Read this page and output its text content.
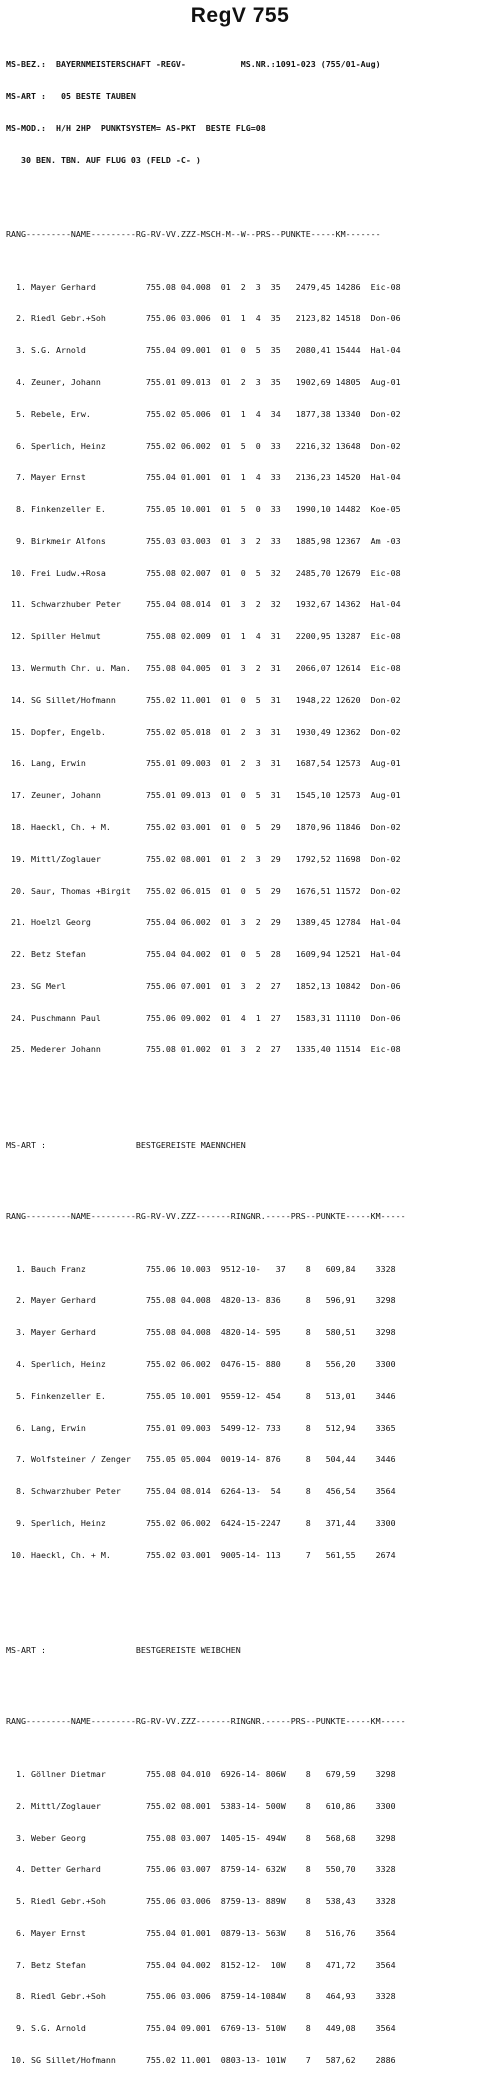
RegV 755

MS-BEZ.:  BAYERNMEISTERSCHAFT -REGV-           MS.NR.:1091-023 (755/01-Aug)

MS-ART :   05 BESTE TAUBEN

MS-MOD.:  H/H 2HP  PUNKTSYSTEM= AS-PKT  BESTE FLG=08

30 BEN. TBN. AUF FLUG 03 (FELD -C- )

RANG---------NAME---------RG-RV-VV.ZZZ-MSCH-M--W--PRS--PUNKTE-----KM-------

1. Mayer Gerhard          755.08 04.008  01  2  3  35   2479,45 14286  Eic-08

2. Riedl Gebr.+Soh        755.06 03.006  01  1  4  35   2123,82 14518  Don-06

3. S.G. Arnold            755.04 09.001  01  0  5  35   2080,41 15444  Hal-04

4. Zeuner, Johann         755.01 09.013  01  2  3  35   1902,69 14805  Aug-01

5. Rebele, Erw.           755.02 05.006  01  1  4  34   1877,38 13340  Don-02

6. Sperlich, Heinz        755.02 06.002  01  5  0  33   2216,32 13648  Don-02

7. Mayer Ernst            755.04 01.001  01  1  4  33   2136,23 14520  Hal-04

8. Finkenzeller E.        755.05 10.001  01  5  0  33   1990,10 14482  Koe-05

9. Birkmeir Alfons        755.03 03.003  01  3  2  33   1885,98 12367  Am -03

10. Frei Ludw.+Rosa        755.08 02.007  01  0  5  32   2485,70 12679  Eic-08

11. Schwarzhuber Peter     755.04 08.014  01  3  2  32   1932,67 14362  Hal-04

12. Spiller Helmut         755.08 02.009  01  1  4  31   2200,95 13287  Eic-08

13. Wermuth Chr. u. Man.   755.08 04.005  01  3  2  31   2066,07 12614  Eic-08

14. SG Sillet/Hofmann      755.02 11.001  01  0  5  31   1948,22 12620  Don-02

15. Dopfer, Engelb.        755.02 05.018  01  2  3  31   1930,49 12362  Don-02

16. Lang, Erwin            755.01 09.003  01  2  3  31   1687,54 12573  Aug-01

17. Zeuner, Johann         755.01 09.013  01  0  5  31   1545,10 12573  Aug-01

18. Haeckl, Ch. + M.       755.02 03.001  01  0  5  29   1870,96 11846  Don-02

19. Mittl/Zoglauer         755.02 08.001  01  2  3  29   1792,52 11698  Don-02

20. Saur, Thomas +Birgit   755.02 06.015  01  0  5  29   1676,51 11572  Don-02

21. Hoelzl Georg           755.04 06.002  01  3  2  29   1389,45 12784  Hal-04

22. Betz Stefan            755.04 04.002  01  0  5  28   1609,94 12521  Hal-04

23. SG Merl                755.06 07.001  01  3  2  27   1852,13 10842  Don-06

24. Puschmann Paul         755.06 09.002  01  4  1  27   1583,31 11110  Don-06

25. Mederer Johann         755.08 01.002  01  3  2  27   1335,40 11514  Eic-08

MS-ART :                  BESTGEREISTE MAENNCHEN

RANG---------NAME---------RG-RV-VV.ZZZ-------RINGNR.-----PRS--PUNKTE-----KM-----

1. Bauch Franz            755.06 10.003  9512-10-   37    8   609,84    3328

2. Mayer Gerhard          755.08 04.008  4820-13- 836     8   596,91    3298

3. Mayer Gerhard          755.08 04.008  4820-14- 595     8   580,51    3298

4. Sperlich, Heinz        755.02 06.002  0476-15- 880     8   556,20    3300

5. Finkenzeller E.        755.05 10.001  9559-12- 454     8   513,01    3446

6. Lang, Erwin            755.01 09.003  5499-12- 733     8   512,94    3365

7. Wolfsteiner / Zenger   755.05 05.004  0019-14- 876     8   504,44    3446

8. Schwarzhuber Peter     755.04 08.014  6264-13-  54     8   456,54    3564

9. Sperlich, Heinz        755.02 06.002  6424-15-2247     8   371,44    3300

10. Haeckl, Ch. + M.       755.02 03.001  9005-14- 113     7   561,55    2674

MS-ART :                  BESTGEREISTE WEIBCHEN

RANG---------NAME---------RG-RV-VV.ZZZ-------RINGNR.-----PRS--PUNKTE-----KM-----

1. Göllner Dietmar        755.08 04.010  6926-14- 806W    8   679,59    3298

2. Mittl/Zoglauer         755.02 08.001  5383-14- 500W    8   610,86    3300

3. Weber Georg            755.08 03.007  1405-15- 494W    8   568,68    3298

4. Detter Gerhard         755.06 03.007  8759-14- 632W    8   550,70    3328

5. Riedl Gebr.+Soh        755.06 03.006  8759-13- 889W    8   538,43    3328

6. Mayer Ernst            755.04 01.001  0879-13- 563W    8   516,76    3564

7. Betz Stefan            755.04 04.002  8152-12-  10W    8   471,72    3564

8. Riedl Gebr.+Soh        755.06 03.006  8759-14-1084W    8   464,93    3328

9. S.G. Arnold            755.04 09.001  6769-13- 510W    8   449,08    3564

10. SG Sillet/Hofmann      755.02 11.001  0803-13- 101W    7   587,62    2886
